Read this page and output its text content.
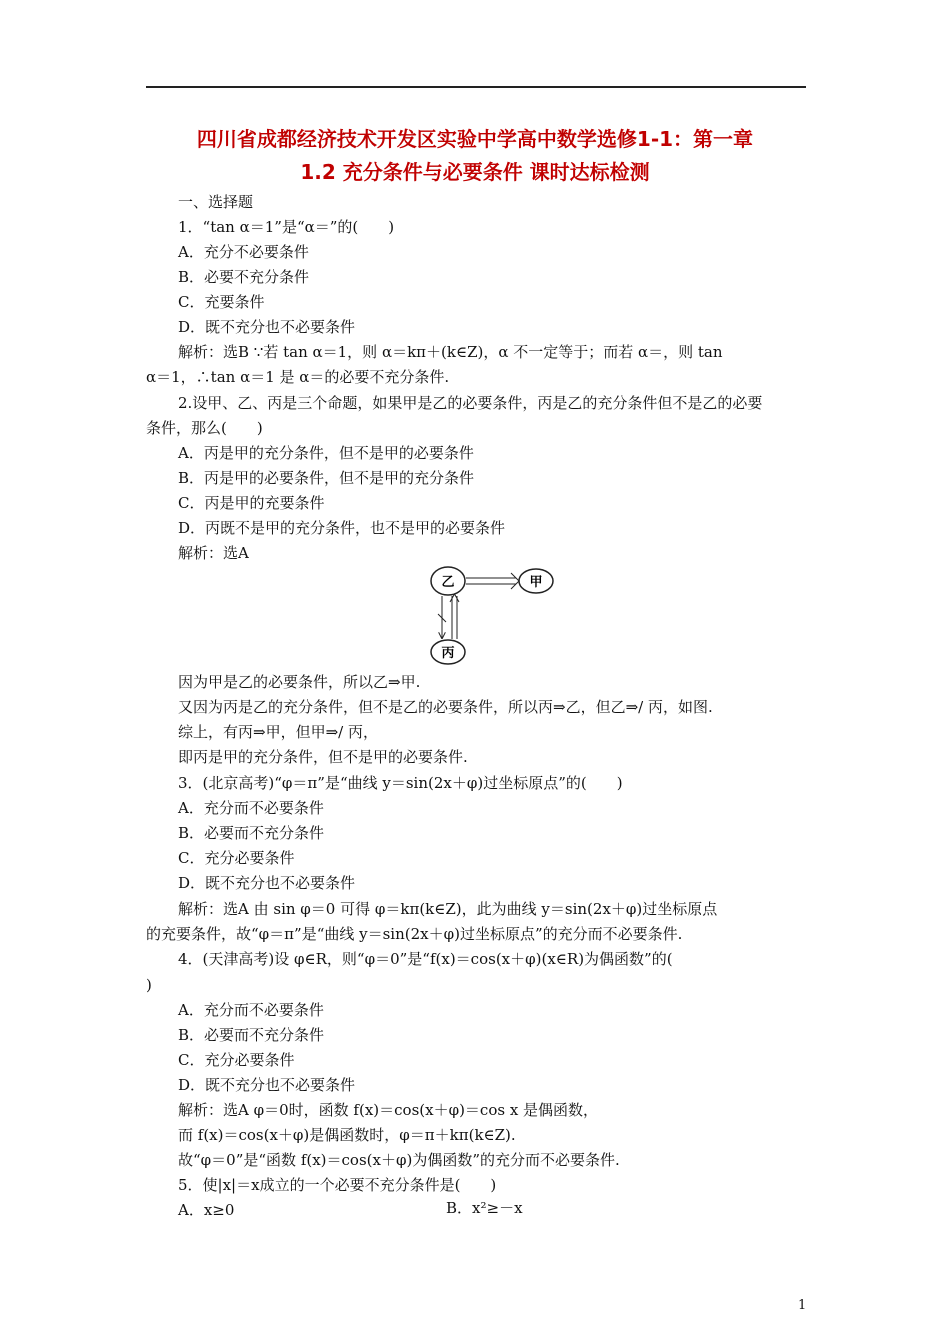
四川省成都经济技术开发区实验中学高中数学选修1-1：第一章
1.2 充分条件与必要条件 课时达标检测
一、选择题
1．“tan α＝1”是“α＝”的(　　)
A．充分不必要条件
B．必要不充分条件
C．充要条件
D．既不充分也不必要条件
解析：选B ∵若 tan α＝1，则 α＝kπ＋(k∈Z)，α 不一定等于；而若 α＝，则 tan
α＝1，∴tan α＝1 是 α＝的必要不充分条件.
2.设甲、乙、丙是三个命题，如果甲是乙的必要条件，丙是乙的充分条件但不是乙的必要
条件，那么(　　)
A．丙是甲的充分条件，但不是甲的必要条件
B．丙是甲的必要条件，但不是甲的充分条件
C．丙是甲的充要条件
D．丙既不是甲的充分条件，也不是甲的必要条件
解析：选A
因为甲是乙的必要条件，所以乙⇒甲.
又因为丙是乙的充分条件，但不是乙的必要条件，所以丙⇒乙，但乙⇒/ 丙，如图.
综上，有丙⇒甲，但甲⇒/ 丙，
即丙是甲的充分条件，但不是甲的必要条件.
3．(北京高考)“φ＝π”是“曲线 y＝sin(2x＋φ)过坐标原点”的(　　)
A．充分而不必要条件
B．必要而不充分条件
C．充分必要条件
D．既不充分也不必要条件
解析：选A 由 sin φ＝0 可得 φ＝kπ(k∈Z)，此为曲线 y＝sin(2x＋φ)过坐标原点
的充要条件，故“φ＝π”是“曲线 y＝sin(2x＋φ)过坐标原点”的充分而不必要条件.
4．(天津高考)设 φ∈R，则“φ＝0”是“f(x)＝cos(x＋φ)(x∈R)为偶函数”的(
)
A．充分而不必要条件
B．必要而不充分条件
C．充分必要条件
D．既不充分也不必要条件
解析：选A φ＝0时，函数 f(x)＝cos(x＋φ)＝cos x 是偶函数，
而 f(x)＝cos(x＋φ)是偶函数时，φ＝π＋kπ(k∈Z).
故“φ＝0”是“函数 f(x)＝cos(x＋φ)为偶函数”的充分而不必要条件.
5．使|x|＝x成立的一个必要不充分条件是(　　)
A．x≥0	B．x²≥－x
乙	甲
丙
1
